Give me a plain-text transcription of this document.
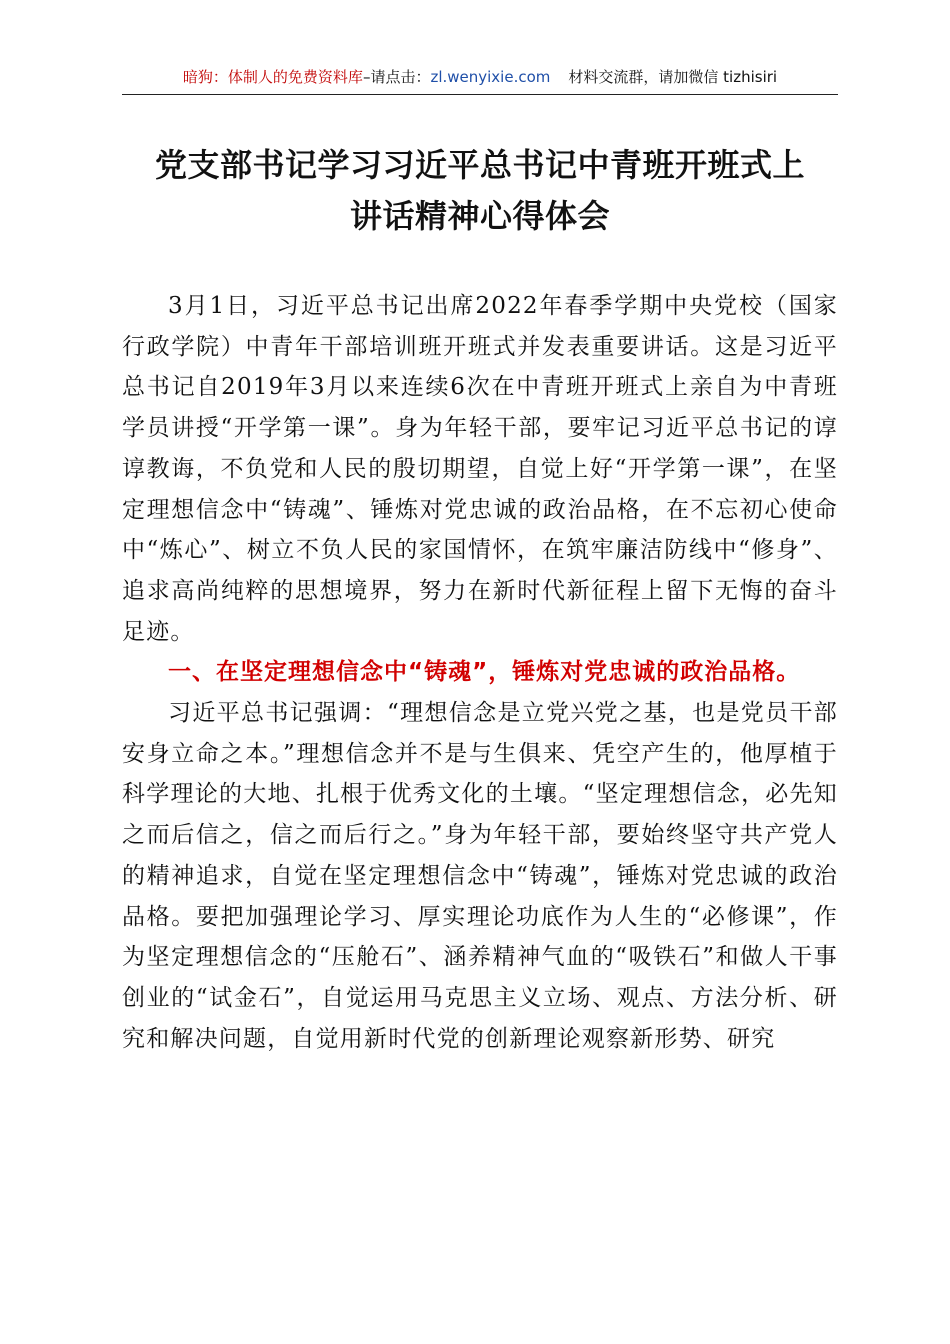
暗狗：体制人的免费资料库–请点击：zl.wenyixie.com 材料交流群，请加微信 tizhisiri
党支部书记学习习近平总书记中青班开班式上
讲话精神心得体会

3月1日，习近平总书记出席2022年春季学期中央党校（国家行政学院）中青年干部培训班开班式并发表重要讲话。这是习近平总书记自2019年3月以来连续6次在中青班开班式上亲自为中青班学员讲授“开学第一课”。身为年轻干部，要牢记习近平总书记的谆谆教诲，不负党和人民的殷切期望，自觉上好“开学第一课”，在坚定理想信念中“铸魂”、锤炼对党忠诚的政治品格，在不忘初心使命中“炼心”、树立不负人民的家国情怀，在筑牢廉洁防线中“修身”、追求高尚纯粹的思想境界，努力在新时代新征程上留下无悔的奋斗足迹。

一、在坚定理想信念中“铸魂”，锤炼对党忠诚的政治品格。

习近平总书记强调：“理想信念是立党兴党之基，也是党员干部安身立命之本。”理想信念并不是与生俱来、凭空产生的，他厚植于科学理论的大地、扎根于优秀文化的土壤。“坚定理想信念，必先知之而后信之，信之而后行之。”身为年轻干部，要始终坚守共产党人的精神追求，自觉在坚定理想信念中“铸魂”，锤炼对党忠诚的政治品格。要把加强理论学习、厚实理论功底作为人生的“必修课”，作为坚定理想信念的“压舱石”、涵养精神气血的“吸铁石”和做人干事创业的“试金石”，自觉运用马克思主义立场、观点、方法分析、研究和解决问题，自觉用新时代党的创新理论观察新形势、研究
